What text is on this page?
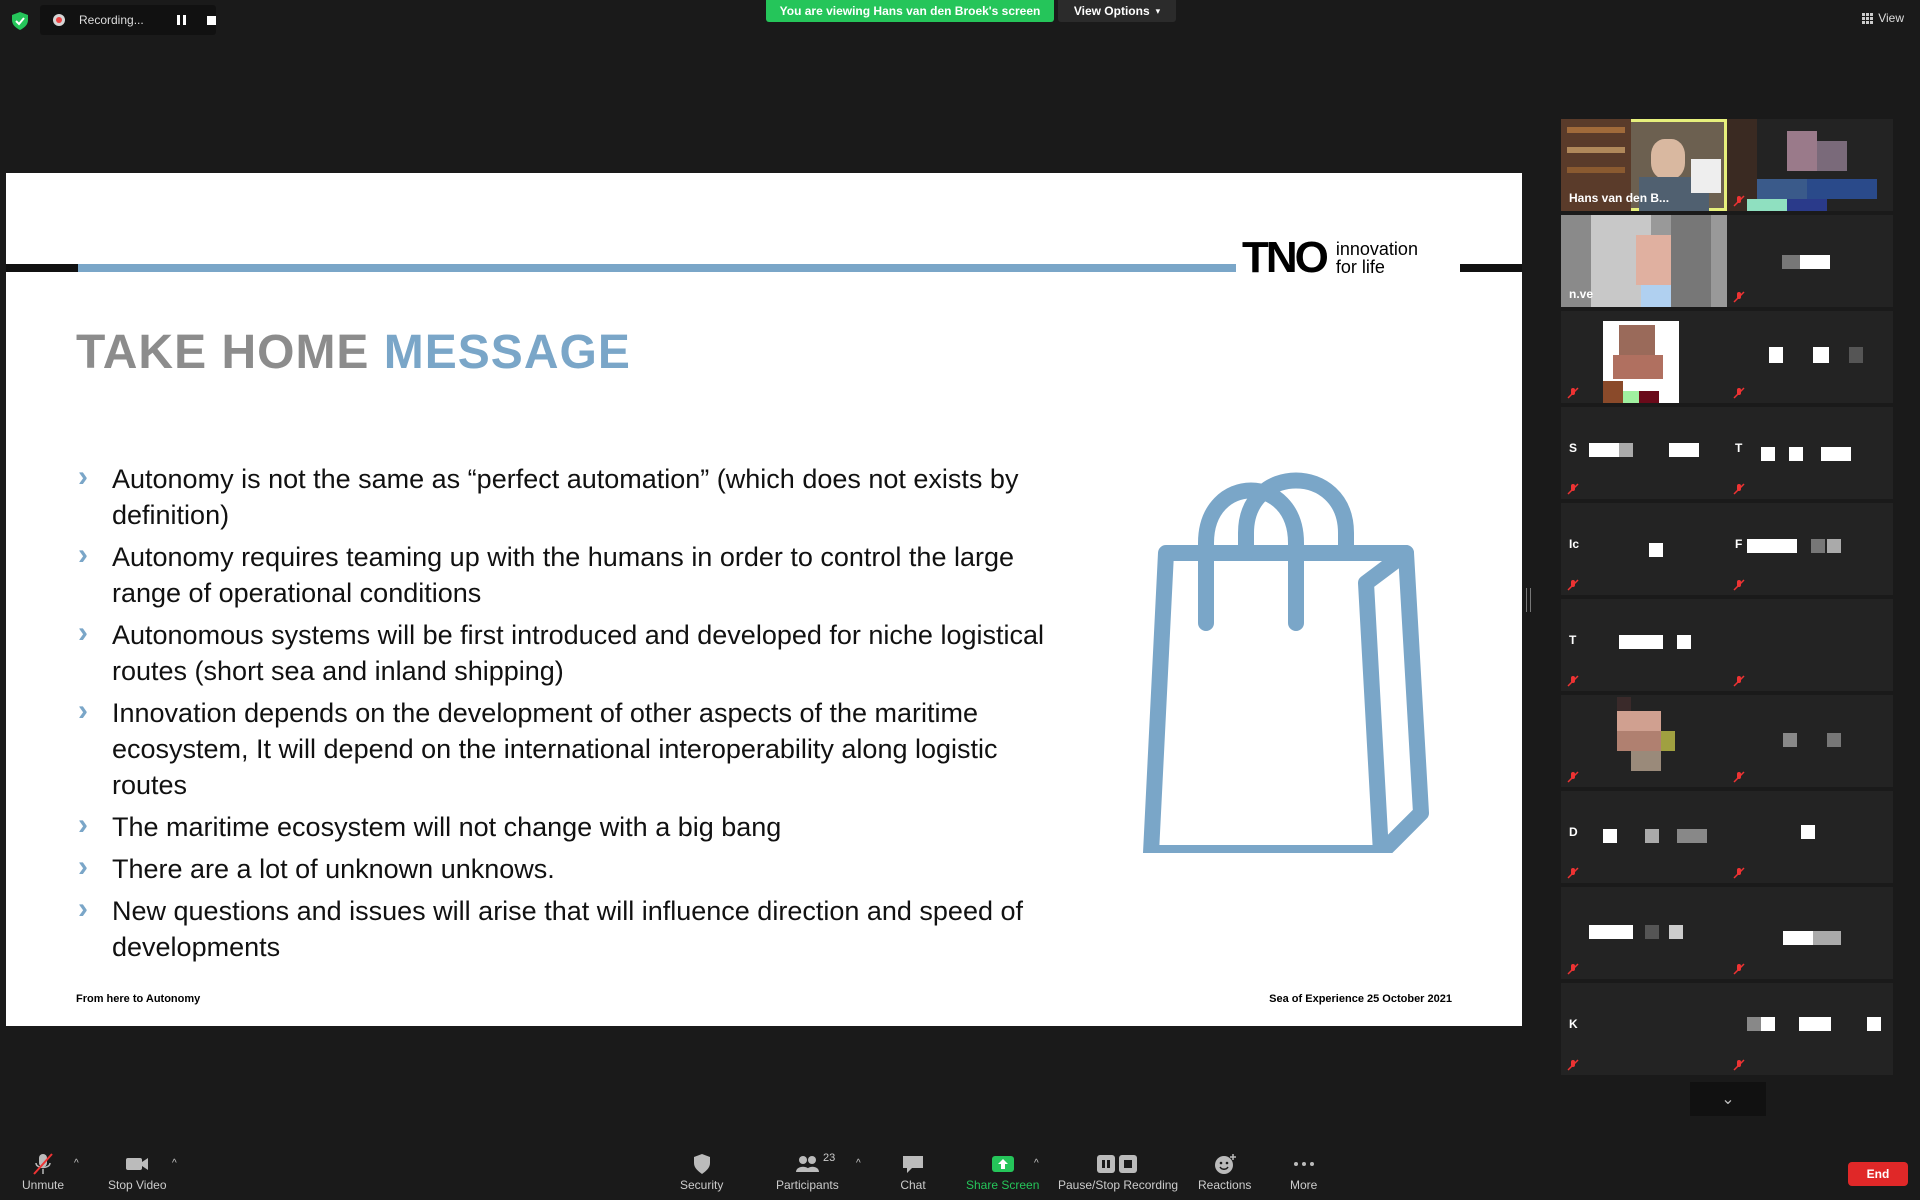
Recording...
You are viewing Hans van den Broek's screen	View Options ▾
View
TNO innovation
for life
TAKE HOME MESSAGE
› Autonomy is not the same as “perfect automation” (which does not exists by definition)
› Autonomy requires teaming up with the humans in order to control the large range of operational conditions
› Autonomous systems will be first introduced and developed for niche logistical routes (short sea and inland shipping)
› Innovation depends on the development of other aspects of the maritime ecosystem, It will depend on the international interoperability along logistic routes
› The maritime ecosystem will not change with a big bang
› There are a lot of unknown unknows.
› New questions and issues will arise that will influence direction and speed of developments
From here to Autonomy	Sea of Experience 25 October 2021
Hans van den B...
n.ve
S	T
Ic	F
T
D
K
⌄
Unmute
^
Stop Video
^
Security	Participants
23 ^
Chat	Share Screen
^
Pause/Stop Recording Reactions	More
End
